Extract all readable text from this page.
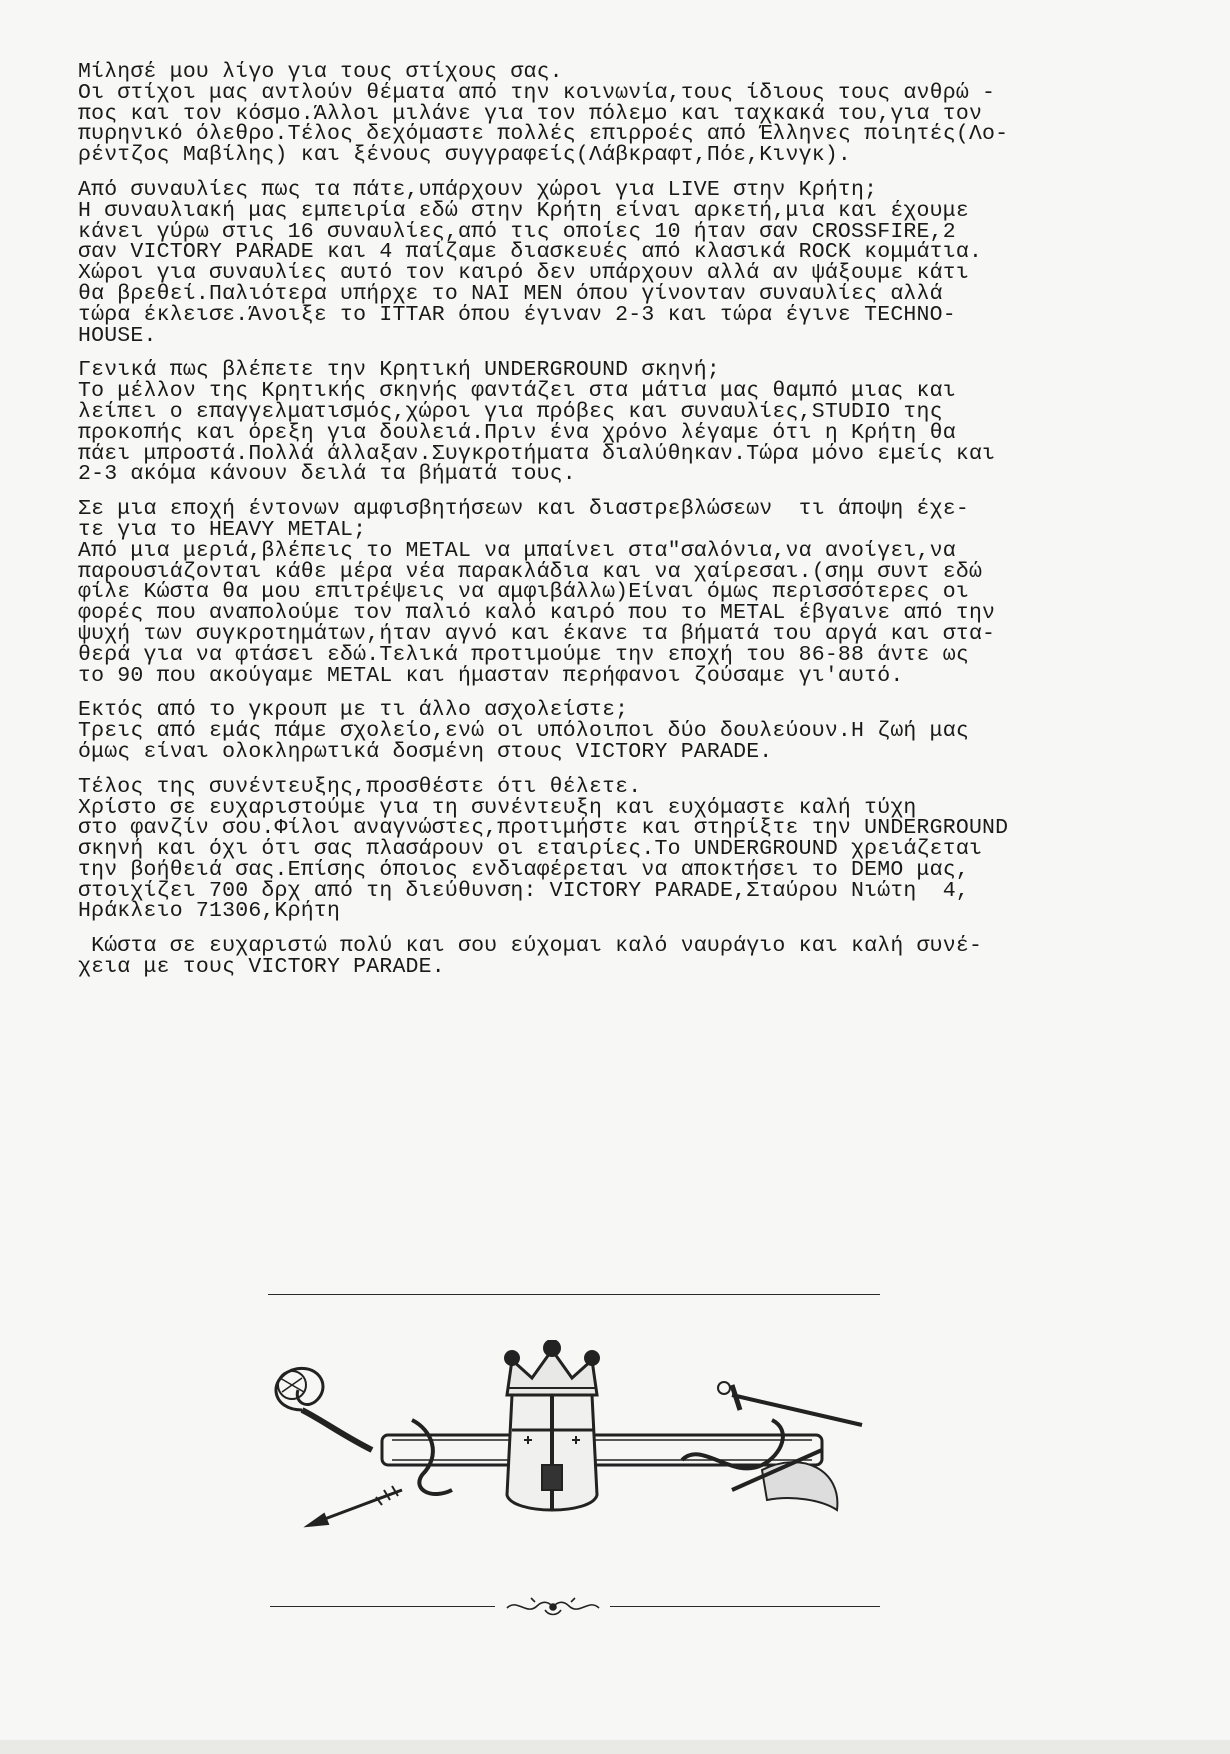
Μίλησέ μου λίγο για τους στίχους σας.
Οι στίχοι μας αντλούν θέματα από την κοινωνία,τους ίδιους τους ανθρώ -
πος και τον κόσμο.Άλλοι μιλάνε για τον πόλεμο και ταχκακά του,για τον
πυρηνικό όλεθρο.Τέλος δεχόμαστε πολλές επιρροές από Έλληνες ποιητές(Λο-
ρέντζος Μαβίλης) και ξένους συγγραφείς(Λάβκραφτ,Πόε,Κινγκ).
Από συναυλίες πως τα πάτε,υπάρχουν χώροι για LIVE στην Κρήτη;
Η συναυλιακή μας εμπειρία εδώ στην Κρήτη είναι αρκετή,μια και έχουμε
κάνει γύρω στις 16 συναυλίες,από τις οποίες 10 ήταν σαν CROSSFIRE,2
σαν VICTORY PARADE και 4 παίζαμε διασκευές από κλασικά ROCK κομμάτια.
Χώροι για συναυλίες αυτό τον καιρό δεν υπάρχουν αλλά αν ψάξουμε κάτι
θα βρεθεί.Παλιότερα υπήρχε το ΝΑΙ ΜΕΝ όπου γίνονταν συναυλίες αλλά
τώρα έκλεισε.Άνοιξε το ITTAR όπου έγιναν 2-3 και τώρα έγινε TECHNO-
HOUSE.
Γενικά πως βλέπετε την Κρητική UNDERGROUND σκηνή;
Το μέλλον της Κρητικής σκηνής φαντάζει στα μάτια μας θαμπό μιας και
λείπει ο επαγγελματισμός,χώροι για πρόβες και συναυλίες,STUDIO της
προκοπής και όρεξη για δουλειά.Πριν ένα χρόνο λέγαμε ότι η Κρήτη θα
πάει μπροστά.Πολλά άλλαξαν.Συγκροτήματα διαλύθηκαν.Τώρα μόνο εμείς και
2-3 ακόμα κάνουν δειλά τα βήματά τους.
Σε μια εποχή έντονων αμφισβητήσεων και διαστρεβλώσεων  τι άποψη έχε-
τε για το HEAVY METAL;
Από μια μεριά,βλέπεις το METAL να μπαίνει στα"σαλόνια,να ανοίγει,να
παρουσιάζονται κάθε μέρα νέα παρακλάδια και να χαίρεσαι.(σημ συντ εδώ
φίλε Κώστα θα μου επιτρέψεις να αμφιβάλλω)Είναι όμως περισσότερες οι
φορές που αναπολούμε τον παλιό καλό καιρό που το METAL έβγαινε από την
ψυχή των συγκροτημάτων,ήταν αγνό και έκανε τα βήματά του αργά και στα-
θερά για να φτάσει εδώ.Τελικά προτιμούμε την εποχή του 86-88 άντε ως
το 90 που ακούγαμε METAL και ήμασταν περήφανοι ζούσαμε γι'αυτό.
Εκτός από το γκρουπ με τι άλλο ασχολείστε;
Τρεις από εμάς πάμε σχολείο,ενώ οι υπόλοιποι δύο δουλεύουν.Η ζωή μας
όμως είναι ολοκληρωτικά δοσμένη στους VICTORY PARADE.
Τέλος της συνέντευξης,προσθέστε ότι θέλετε.
Χρίστο σε ευχαριστούμε για τη συνέντευξη και ευχόμαστε καλή τύχη
στο φανζίν σου.Φίλοι αναγνώστες,προτιμήστε και στηρίξτε την UNDERGROUND
σκηνή και όχι ότι σας πλασάρουν οι εταιρίες.Το UNDERGROUND χρειάζεται
την βοήθειά σας.Επίσης όποιος ενδιαφέρεται να αποκτήσει το DEMO μας,
στοιχίζει 700 δρχ από τη διεύθυνση: VICTORY PARADE,Σταύρου Νιώτη  4,
Ηράκλειο 71306,Κρήτη
Κώστα σε ευχαριστώ πολύ και σου εύχομαι καλό ναυράγιο και καλή συνέ-
χεια με τους VICTORY PARADE.
